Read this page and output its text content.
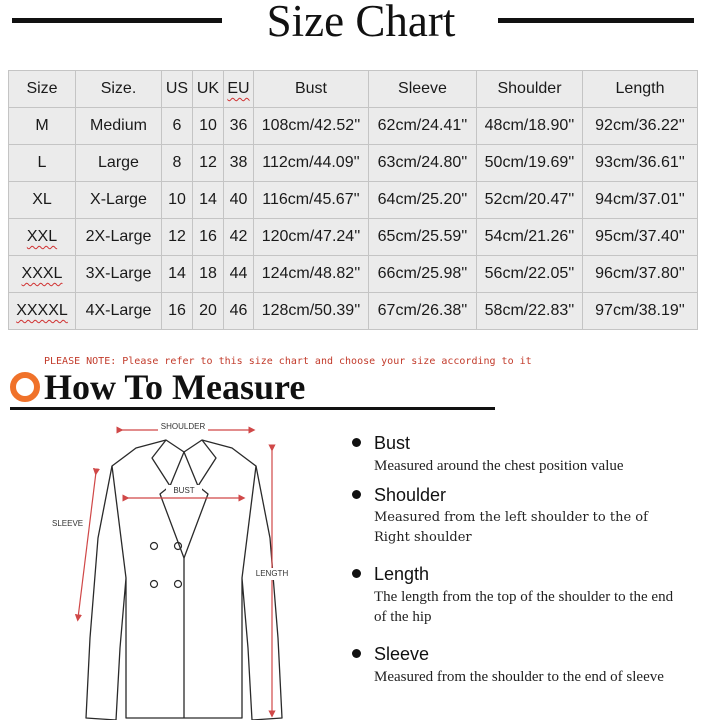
Size Chart
Size	Size.	US	UK	EU	Bust	Sleeve	Shoulder	Length
M	Medium	6	10	36	108cm/42.52''	62cm/24.41''	48cm/18.90''	92cm/36.22''
L	Large	8	12	38	112cm/44.09''	63cm/24.80''	50cm/19.69''	93cm/36.61''
XL	X-Large	10	14	40	116cm/45.67''	64cm/25.20''	52cm/20.47''	94cm/37.01''
XXL	2X-Large	12	16	42	120cm/47.24''	65cm/25.59''	54cm/21.26''	95cm/37.40''
XXXL	3X-Large	14	18	44	124cm/48.82''	66cm/25.98''	56cm/22.05''	96cm/37.80''
XXXXL	4X-Large	16	20	46	128cm/50.39''	67cm/26.38''	58cm/22.83''	97cm/38.19''
PLEASE NOTE: Please refer to this size chart and choose your size according to it
How To Measure
SHOULDER
BUST
SLEEVE
LENGTH
Bust
Measured around the chest position value
Shoulder
Measured from the left shoulder to the of Right shoulder
Length
The length from the top of the shoulder to the end of the hip
Sleeve
Measured from the shoulder to the end of sleeve
